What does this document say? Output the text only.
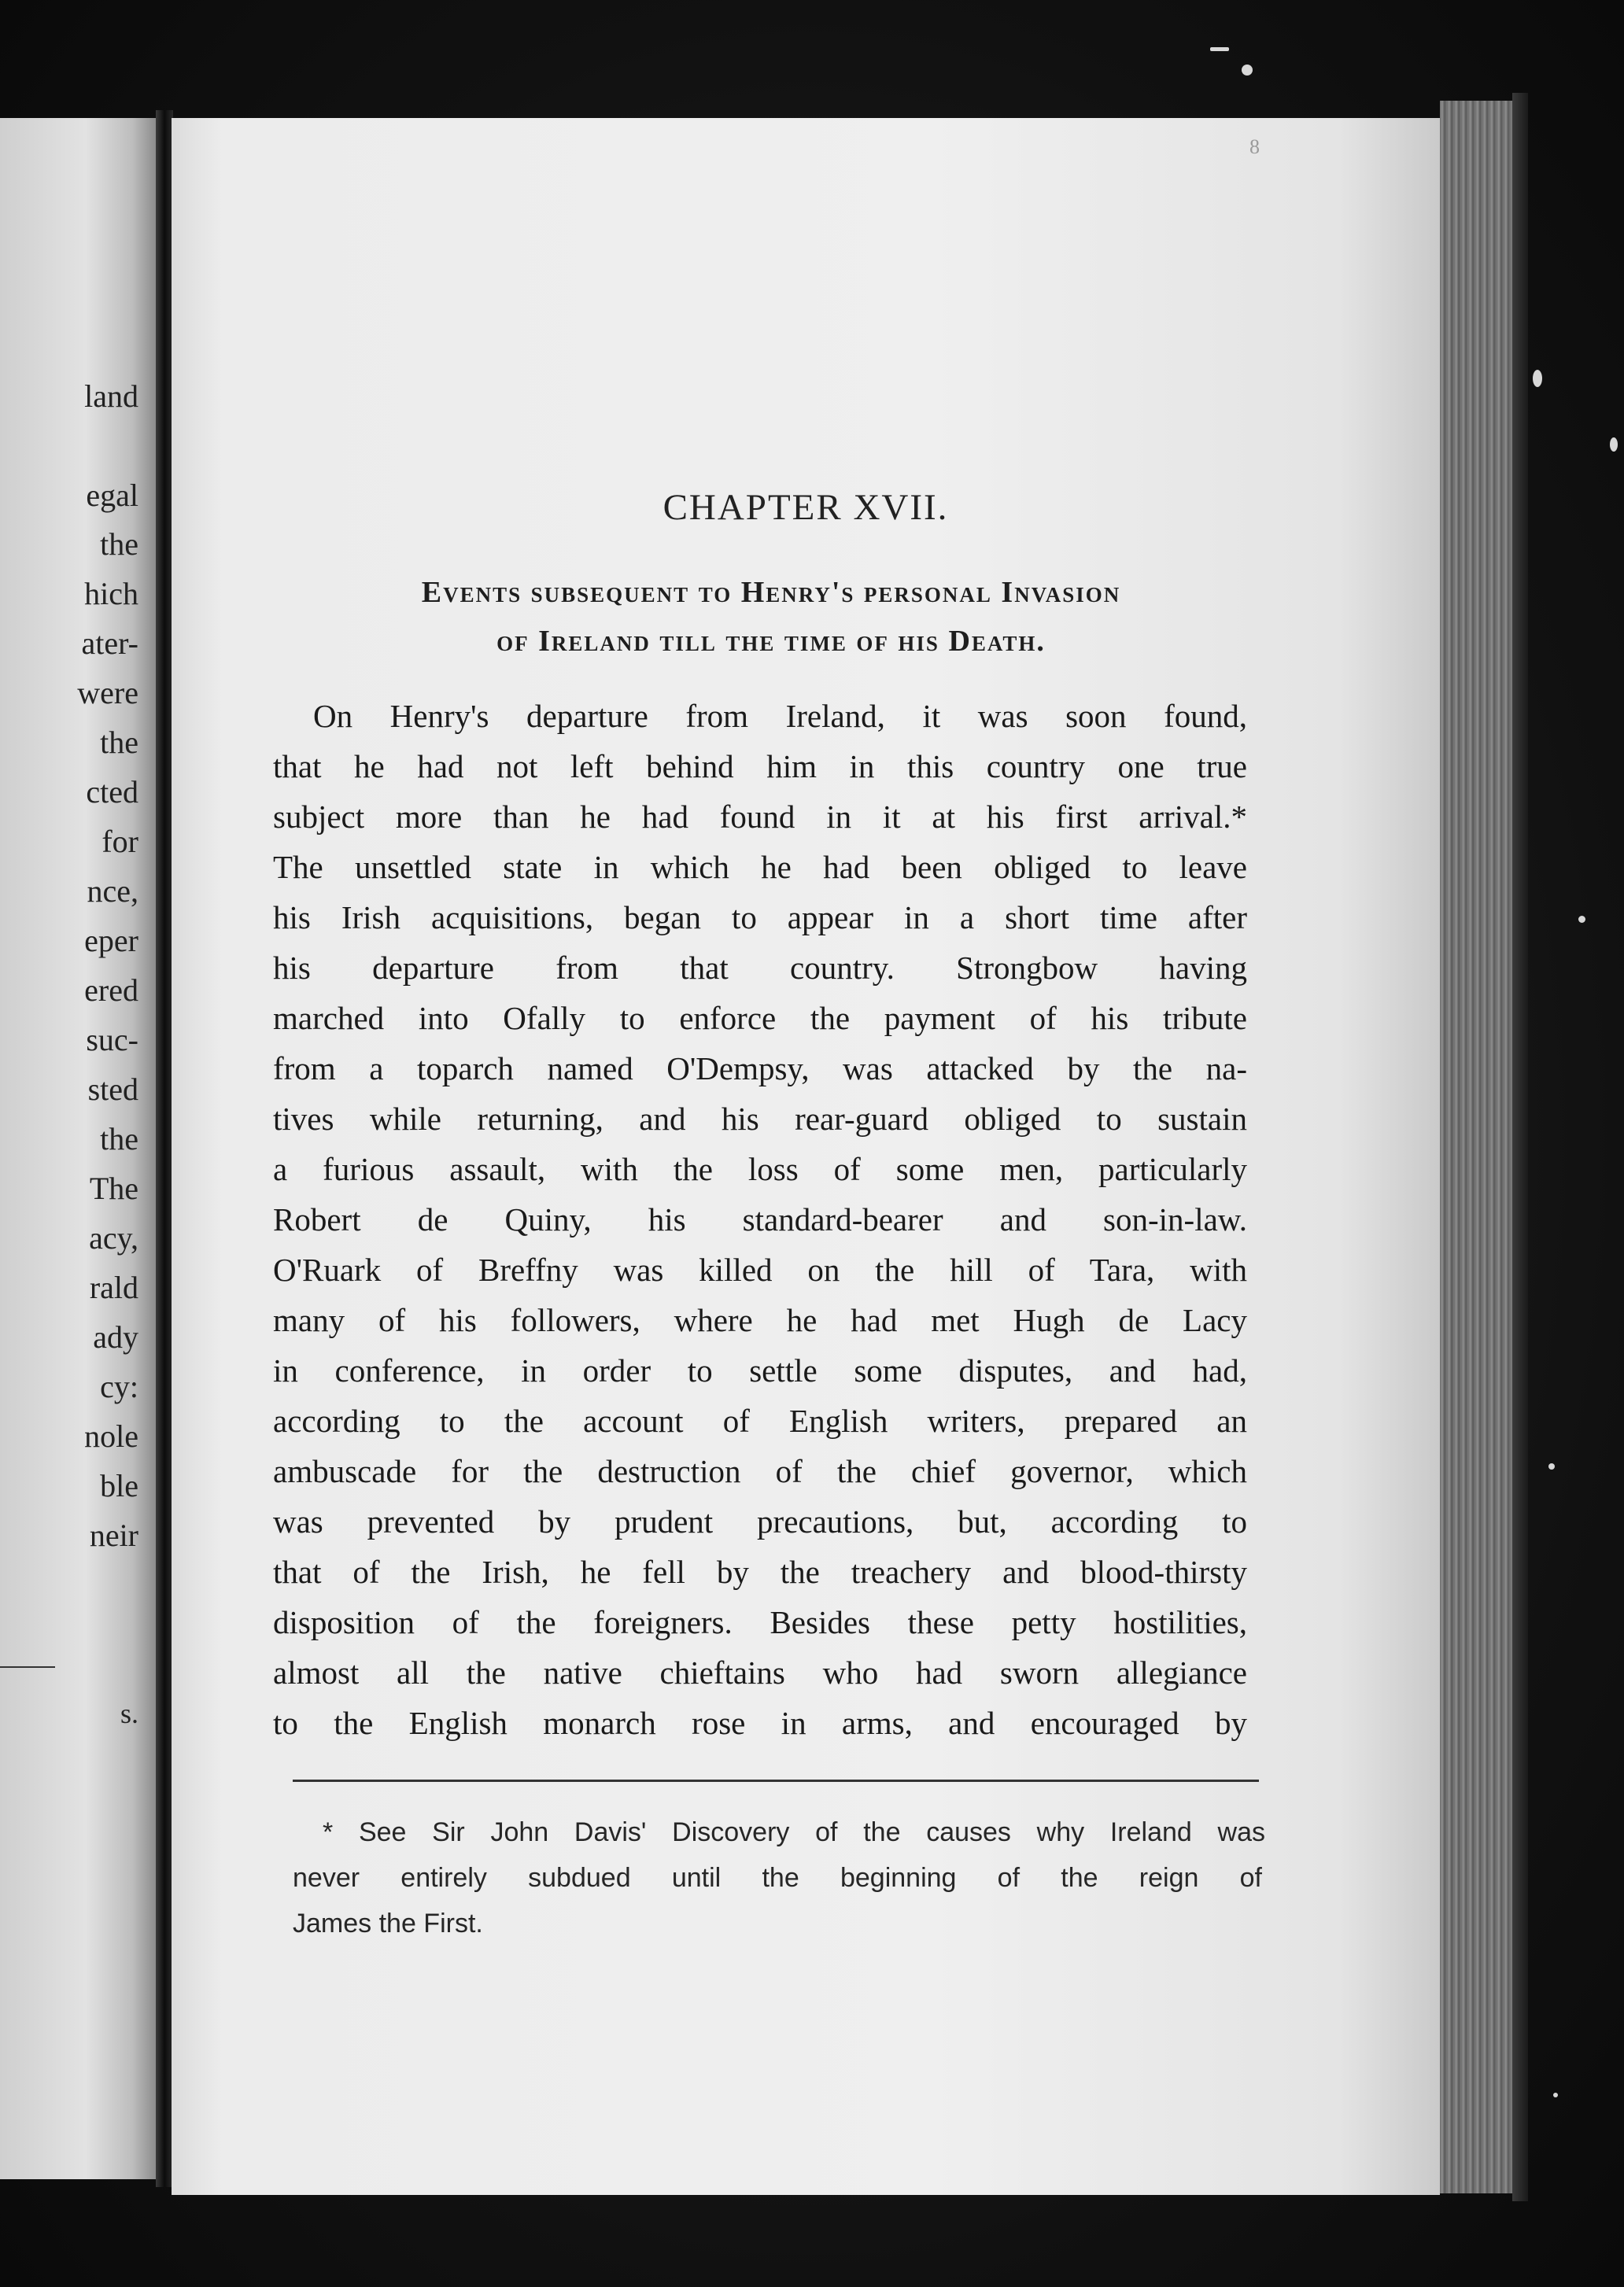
land
egal
the
hich
ater-
were
the
cted
for
nce,
eper
ered
suc-
sted
the
The
acy,
rald
ady
cy:
nole
ble
neir
s.
8
CHAPTER XVII.
Events subsequent to Henry's personal Invasion
of Ireland till the time of his Death.
On Henry's departure from Ireland, it was soon found,
that he had not left behind him in this country one true
subject more than he had found in it at his first arrival.*
The unsettled state in which he had been obliged to leave
his Irish acquisitions, began to appear in a short time after
his departure from that country. Strongbow having
marched into Ofally to enforce the payment of his tribute
from a toparch named O'Dempsy, was attacked by the na-
tives while returning, and his rear-guard obliged to sustain
a furious assault, with the loss of some men, particularly
Robert de Quiny, his standard-bearer and son-in-law.
O'Ruark of Breffny was killed on the hill of Tara, with
many of his followers, where he had met Hugh de Lacy
in conference, in order to settle some disputes, and had,
according to the account of English writers, prepared an
ambuscade for the destruction of the chief governor, which
was prevented by prudent precautions, but, according to
that of the Irish, he fell by the treachery and blood-thirsty
disposition of the foreigners. Besides these petty hostilities,
almost all the native chieftains who had sworn allegiance
to the English monarch rose in arms, and encouraged by
* See Sir John Davis' Discovery of the causes why Ireland was
never entirely subdued until the beginning of the reign of
James the First.
